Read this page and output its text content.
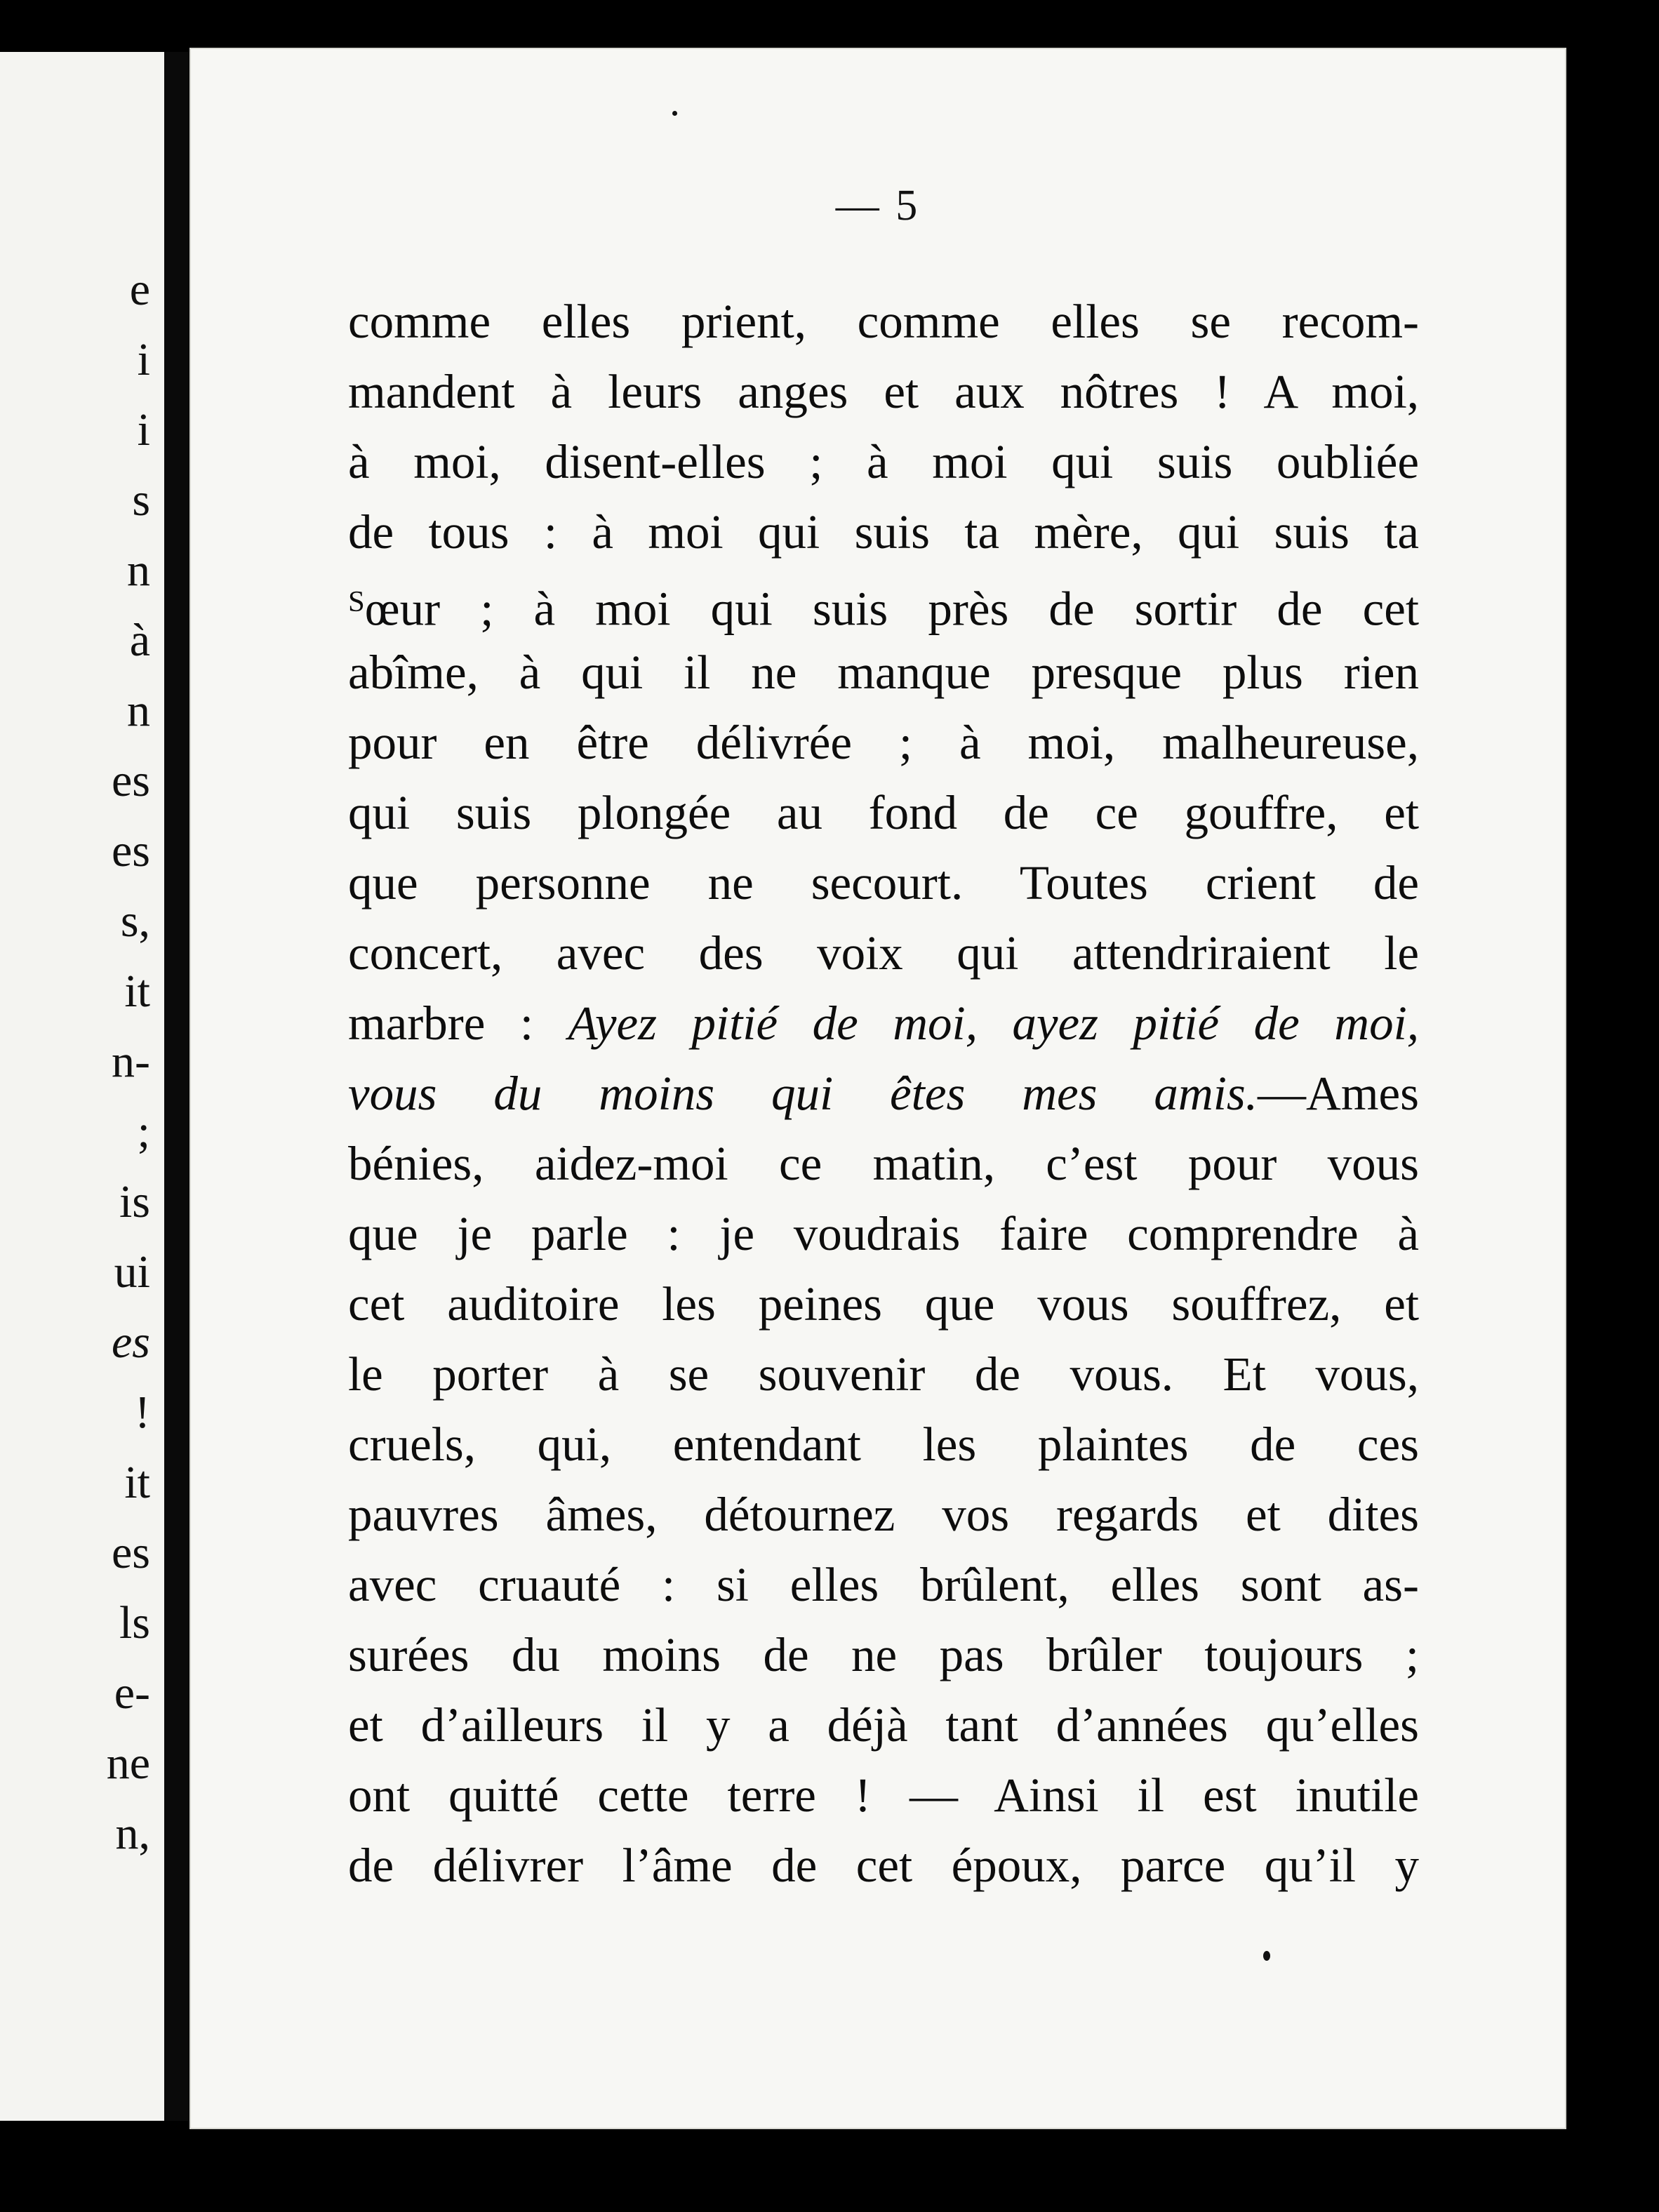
e
i
i
s
n
à
n
es
es
s,
it
n-
;
is
ui
es
!
it
es
ls
e-
ne
n,
— 5
comme elles prient, comme elles se recom-
mandent à leurs anges et aux nôtres ! A moi,
à moi, disent-elles ; à moi qui suis oubliée
de tous : à moi qui suis ta mère, qui suis ta
$^S$œur ; à moi qui suis près de sortir de cet
abîme, à qui il ne manque presque plus rien
pour en être délivrée ; à moi, malheureuse,
qui suis plongée au fond de ce gouffre, et
que personne ne secourt. Toutes crient de
concert, avec des voix qui attendriraient le
marbre : Ayez pitié de moi, ayez pitié de moi,
vous du moins qui êtes mes amis.—Ames
bénies, aidez-moi ce matin, c’est pour vous
que je parle : je voudrais faire comprendre à
cet auditoire les peines que vous souffrez, et
le porter à se souvenir de vous. Et vous,
cruels, qui, entendant les plaintes de ces
pauvres âmes, détournez vos regards et dites
avec cruauté : si elles brûlent, elles sont as-
surées du moins de ne pas brûler toujours ;
et d’ailleurs il y a déjà tant d’années qu’elles
ont quitté cette terre ! — Ainsi il est inutile
de délivrer l’âme de cet époux, parce qu’il y
